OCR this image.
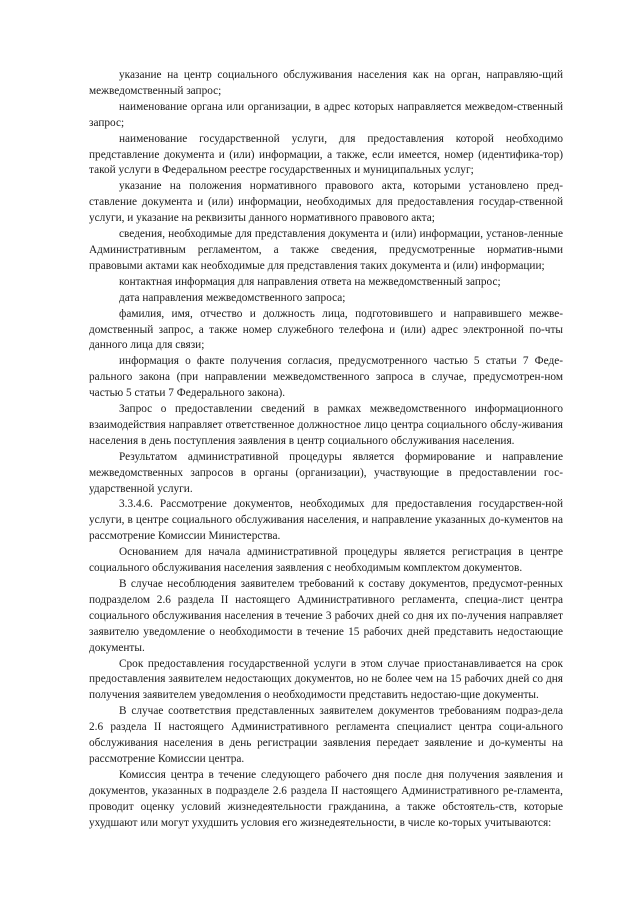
указание на центр социального обслуживания населения как на орган, направляю-щий межведомственный запрос;

наименование органа или организации, в адрес которых направляется межведом-ственный запрос;

наименование государственной услуги, для предоставления которой необходимо представление документа и (или) информации, а также, если имеется, номер (идентифика-тор) такой услуги в Федеральном реестре государственных и муниципальных услуг;

указание на положения нормативного правового акта, которыми установлено пред-ставление документа и (или) информации, необходимых для предоставления государ-ственной услуги, и указание на реквизиты данного нормативного правового акта;

сведения, необходимые для представления документа и (или) информации, установ-ленные Административным регламентом, а также сведения, предусмотренные норматив-ными правовыми актами как необходимые для представления таких документа и (или) информации;

контактная информация для направления ответа на межведомственный запрос;

дата направления межведомственного запроса;

фамилия, имя, отчество и должность лица, подготовившего и направившего межве-домственный запрос, а также номер служебного телефона и (или) адрес электронной по-чты данного лица для связи;

информация о факте получения согласия, предусмотренного частью 5 статьи 7 Феде-рального закона (при направлении межведомственного запроса в случае, предусмотрен-ном частью 5 статьи 7 Федерального закона).

Запрос о предоставлении сведений в рамках межведомственного информационного взаимодействия направляет ответственное должностное лицо центра социального обслу-живания населения в день поступления заявления в центр социального обслуживания населения.

Результатом административной процедуры является формирование и направление межведомственных запросов в органы (организации), участвующие в предоставлении гос-ударственной услуги.

3.3.4.6. Рассмотрение документов, необходимых для предоставления государствен-ной услуги, в центре социального обслуживания населения, и направление указанных до-кументов на рассмотрение Комиссии Министерства.

Основанием для начала административной процедуры является регистрация в центре социального обслуживания населения заявления с необходимым комплектом документов.

В случае несоблюдения заявителем требований к составу документов, предусмот-ренных подразделом 2.6 раздела II настоящего Административного регламента, специа-лист центра социального обслуживания населения в течение 3 рабочих дней со дня их по-лучения направляет заявителю уведомление о необходимости в течение 15 рабочих дней представить недостающие документы.

Срок предоставления государственной услуги в этом случае приостанавливается на срок предоставления заявителем недостающих документов, но не более чем на 15 рабочих дней со дня получения заявителем уведомления о необходимости представить недостаю-щие документы.

В случае соответствия представленных заявителем документов требованиям подраз-дела 2.6 раздела II настоящего Административного регламента специалист центра соци-ального обслуживания населения в день регистрации заявления передает заявление и до-кументы на рассмотрение Комиссии центра.

Комиссия центра в течение следующего рабочего дня после дня получения заявления и документов, указанных в подразделе 2.6 раздела II настоящего Административного ре-гламента, проводит оценку условий жизнедеятельности гражданина, а также обстоятель-ств, которые ухудшают или могут ухудшить условия его жизнедеятельности, в числе ко-торых учитываются:
